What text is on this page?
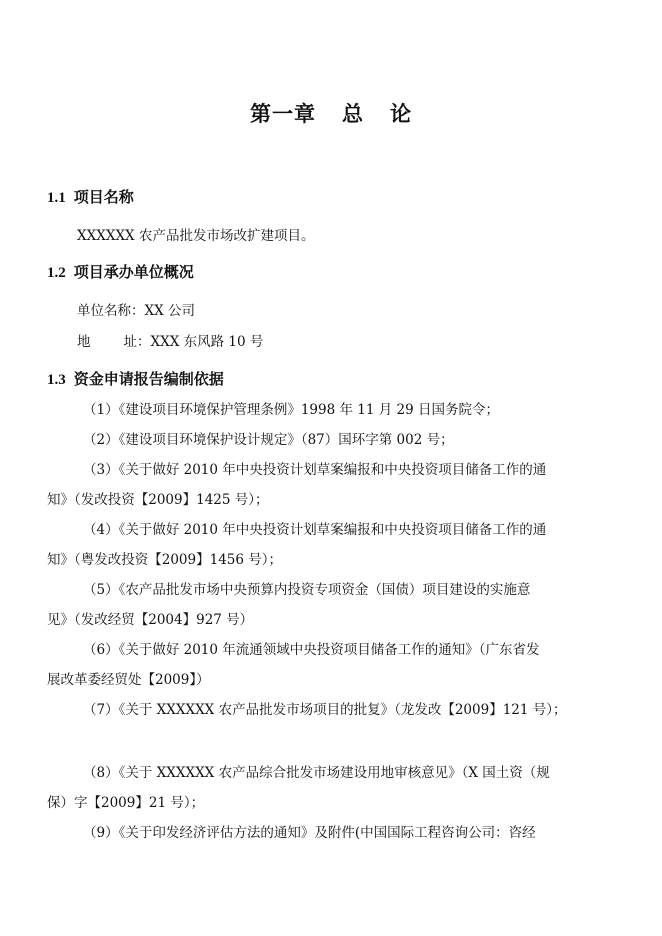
第一章 总 论
1.1 项目名称
XXXXXX 农产品批发市场改扩建项目。
1.2 项目承办单位概况
单位名称：XX 公司
地 址：XXX 东风路 10 号
1.3 资金申请报告编制依据
（1）《建设项目环境保护管理条例》1998 年 11 月 29 日国务院令；
（2）《建设项目环境保护设计规定》（87）国环字第 002 号；
（3）《关于做好 2010 年中央投资计划草案编报和中央投资项目储备工作的通
知》（发改投资【2009】1425 号）；
（4）《关于做好 2010 年中央投资计划草案编报和中央投资项目储备工作的通
知》（粤发改投资【2009】1456 号）；
（5）《农产品批发市场中央预算内投资专项资金（国债）项目建设的实施意
见》（发改经贸【2004】927 号）
（6）《关于做好 2010 年流通领域中央投资项目储备工作的通知》（广东省发
展改革委经贸处【2009】）
（7）《关于 XXXXXX 农产品批发市场项目的批复》（龙发改【2009】121 号）；
（8）《关于 XXXXXX 农产品综合批发市场建设用地审核意见》（X 国土资（规
保）字【2009】21 号）；
（9）《关于印发经济评估方法的通知》及附件(中国国际工程咨询公司：咨经
